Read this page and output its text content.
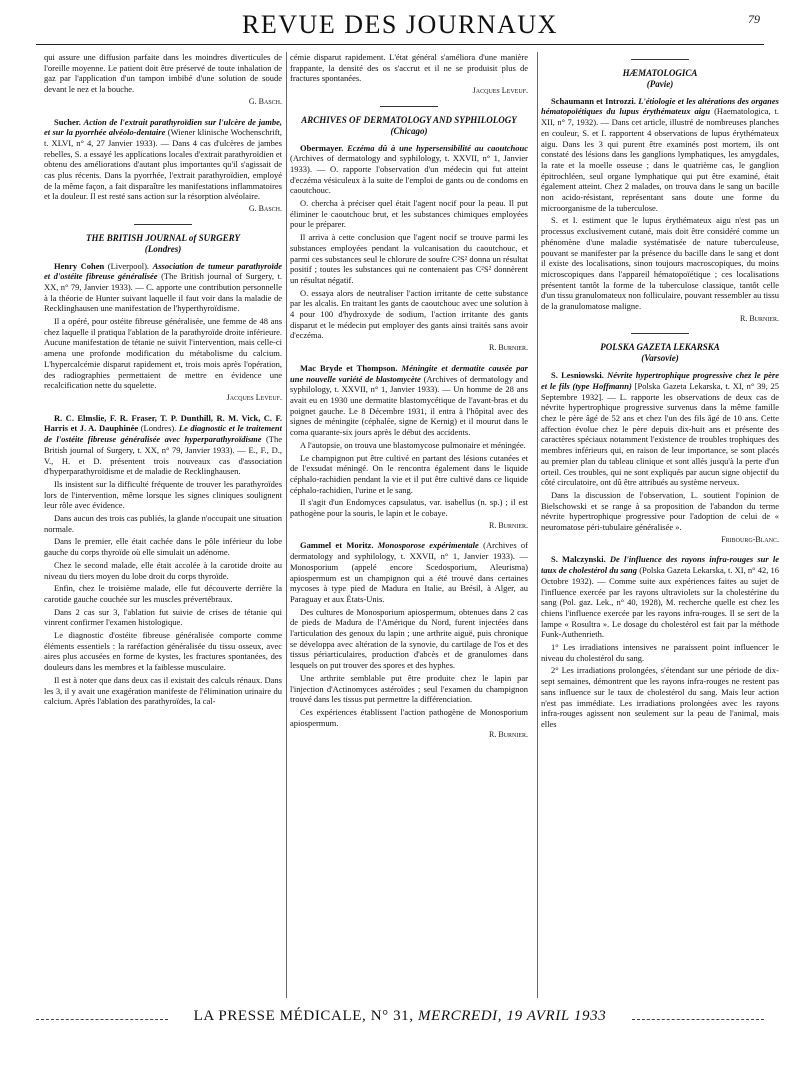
REVUE DES JOURNAUX	79

qui assure une diffusion parfaite dans les moindres diverticules de l'oreille moyenne. Le patient doit être préservé de toute inhalation de gaz par l'application d'un tampon imbibé d'une solution de soude devant le nez et la bouche.

G. Basch.

Sucher. Action de l'extrait parathyroïdien sur l'ulcère de jambe, et sur la pyorrhée alvéolo-dentaire (Wiener klinische Wochenschrift, t. XLVI, n° 4, 27 Janvier 1933). — Dans 4 cas d'ulcères de jambes rebelles, S. a essayé les applications locales d'extrait parathyroïdien et obtenu des améliorations d'autant plus importantes qu'il s'agissait de cas plus récents. Dans la pyorrhée, l'extrait parathyroïdien, employé de la même façon, a fait disparaître les manifestations inflammatoires et la douleur. Il est resté sans action sur la résorption alvéolaire.

G. Basch.

THE BRITISH JOURNAL of SURGERY

(Londres)

Henry Cohen (Liverpool). Association de tumeur parathyroïde et d'ostéite fibreuse généralisée (The British journal of Surgery, t. XX, n° 79, Janvier 1933). — C. apporte une contribution personnelle à la théorie de Hunter suivant laquelle il faut voir dans la maladie de Recklinghausen une manifestation de l'hyperthyroïdisme.

Il a opéré, pour ostéite fibreuse généralisée, une femme de 48 ans chez laquelle il pratiqua l'ablation de la parathyroïde droite inférieure. Aucune manifestation de tétanie ne suivit l'intervention, mais celle-ci amena une profonde modification du métabolisme du calcium. L'hypercalcémie disparut rapidement et, trois mois après l'opération, des radiographies permettaient de mettre en évidence une recalcification nette du squelette.

Jacques Leveuf.

R. C. Elmslie, F. R. Fraser, T. P. Dunthill, R. M. Vick, C. F. Harris et J. A. Dauphinée (Londres). Le diagnostic et le traitement de l'ostéite fibreuse généralisée avec hyperparathyroïdisme (The British journal of Surgery, t. XX, n° 79, Janvier 1933). — E., F., D., V., H. et D. présentent trois nouveaux cas d'association d'hyperparathyroïdisme et de maladie de Recklinghausen.

Ils insistent sur la difficulté fréquente de trouver les parathyroïdes lors de l'intervention, même lorsque les signes cliniques soulignent leur rôle avec évidence.

Dans aucun des trois cas publiés, la glande n'occupait une situation normale.

Dans le premier, elle était cachée dans le pôle inférieur du lobe gauche du corps thyroïde où elle simulait un adénome.

Chez le second malade, elle était accolée à la carotide droite au niveau du tiers moyen du lobe droit du corps thyroïde.

Enfin, chez le troisième malade, elle fut découverte derrière la carotide gauche couchée sur les muscles prévertébraux.

Dans 2 cas sur 3, l'ablation fut suivie de crises de tétanie qui vinrent confirmer l'examen histologique.

Le diagnostic d'ostéite fibreuse généralisée comporte comme éléments essentiels : la raréfaction généralisée du tissu osseux, avec aires plus accusées en forme de kystes, les fractures spontanées, des douleurs dans les membres et la faiblesse musculaire.

Il est à noter que dans deux cas il existait des calculs rénaux. Dans les 3, il y avait une exagération manifeste de l'élimination urinaire du calcium. Après l'ablation des parathyroïdes, la cal-

cémie disparut rapidement. L'état général s'améliora d'une manière frappante, la densité des os s'accrut et il ne se produisit plus de fractures spontanées.

Jacques Leveuf.

ARCHIVES OF DERMATOLOGY AND SYPHILOLOGY

(Chicago)

Obermayer. Eczéma dû à une hypersensibilité au caoutchouc (Archives of dermatology and syphilology, t. XXVII, n° 1, Janvier 1933). — O. rapporte l'observation d'un médecin qui fut atteint d'eczéma vésiculeux à la suite de l'emploi de gants ou de condoms en caoutchouc.

O. chercha à préciser quel était l'agent nocif pour la peau. Il put éliminer le caoutchouc brut, et les substances chimiques employées pour le préparer.

Il arriva à cette conclusion que l'agent nocif se trouve parmi les substances employées pendant la vulcanisation du caoutchouc, et parmi ces substances seul le chlorure de soufre C²S² donna un résultat positif ; toutes les substances qui ne contenaient pas C²S² donnèrent un résultat négatif.

O. essaya alors de neutraliser l'action irritante de cette substance par les alcalis. En traitant les gants de caoutchouc avec une solution à 4 pour 100 d'hydroxyde de sodium, l'action irritante des gants disparut et le médecin put employer des gants ainsi traités sans avoir d'eczéma.

R. Burnier.

Mac Bryde et Thompson. Méningite et dermatite causée par une nouvelle variété de blastomycète (Archives of dermatology and syphilology, t. XXVII, n° 1, Janvier 1933). — Un homme de 28 ans avait eu en 1930 une dermatite blastomycétique de l'avant-bras et du poignet gauche. Le 8 Décembre 1931, il entra à l'hôpital avec des signes de méningite (céphalée, signe de Kernig) et il mourut dans le coma quarante-six jours après le début des accidents.

A l'autopsie, on trouva une blastomycose pulmonaire et méningée.

Le champignon put être cultivé en partant des lésions cutanées et de l'exsudat méningé. On le rencontra également dans le liquide céphalo-rachidien pendant la vie et il put être cultivé dans ce liquide céphalo-rachidien, l'urine et le sang.

Il s'agit d'un Endomyces capsulatus, var. isabellus (n. sp.) ; il est pathogène pour la souris, le lapin et le cobaye.

R. Burnier.

Gammel et Moritz. Monosporose expérimentale (Archives of dermatology and syphilology, t. XXVII, n° 1, Janvier 1933). — Monosporium (appelé encore Scedosporium, Aleurisma) apiospermum est un champignon qui a été trouvé dans certaines mycoses à type pied de Madura en Italie, au Brésil, à Alger, au Paraguay et aux États-Unis.

Des cultures de Monosporium apiospermum, obtenues dans 2 cas de pieds de Madura de l'Amérique du Nord, furent injectées dans l'articulation des genoux du lapin ; une arthrite aiguë, puis chronique se développa avec altération de la synovie, du cartilage de l'os et des tissus périarticulaires, production d'abcès et de granulomes dans lesquels on put trouver des spores et des hyphes.

Une arthrite semblable put être produite chez le lapin par l'injection d'Actinomyces astéroïdes ; seul l'examen du champignon trouvé dans les tissus put permettre la différenciation.

Ces expériences établissent l'action pathogène de Monosporium apiospermum.

R. Burnier.

HÆMATOLOGICA

(Pavie)

Schaumann et Introzzi. L'étiologie et les altérations des organes hématopoïétiques du lupus érythémateux aigu (Haematologica, t. XII, n° 7, 1932). — Dans cet article, illustré de nombreuses planches en couleur, S. et I. rapportent 4 observations de lupus érythémateux aigu. Dans les 3 qui purent être examinés post mortem, ils ont constaté des lésions dans les ganglions lymphatiques, les amygdales, la rate et la moelle osseuse ; dans le quatrième cas, le ganglion épitrochléen, seul organe lymphatique qui put être examiné, était également atteint. Chez 2 malades, on trouva dans le sang un bacille non acido-résistant, représentant sans doute une forme du microorganisme de la tuberculose.

S. et I. estiment que le lupus érythémateux aigu n'est pas un processus exclusivement cutané, mais doit être considéré comme un phénomène d'une maladie systématisée de nature tuberculeuse, pouvant se manifester par la présence du bacille dans le sang et dont il existe des localisations, sinon toujours macroscopiques, du moins microscopiques dans l'appareil hématopoïétique ; ces localisations présentent tantôt la forme de la tuberculose classique, tantôt celle d'un tissu granulomateux non folliculaire, pouvant ressembler au tissu de la granulomatose maligne.

R. Burnier.

POLSKA GAZETA LEKARSKA

(Varsovie)

S. Lesniowski. Névrite hypertrophique progressive chez le père et le fils (type Hoffmann) [Polska Gazeta Lekarska, t. XI, n° 39, 25 Septembre 1932]. — L. rapporte les observations de deux cas de névrite hypertrophique progressive survenus dans la même famille chez le père âgé de 52 ans et chez l'un des fils âgé de 10 ans. Cette affection évolue chez le père depuis dix-huit ans et présente des caractères spéciaux notamment l'existence de troubles trophiques des membres inférieurs qui, en raison de leur importance, se sont placés au premier plan du tableau clinique et sont allés jusqu'à la perte d'un orteil. Ces troubles, qui ne sont expliqués par aucun signe objectif du côté circulatoire, ont dû être attribués au système nerveux.

Dans la discussion de l'observation, L. soutient l'opinion de Bielschowski et se range à sa proposition de l'abandon du terme névrite hypertrophique progressive pour l'adoption de celui de « neuromatose péri-tubulaire généralisée ».

Fribourg-Blanc.

S. Malczynski. De l'influence des rayons infra-rouges sur le taux de cholestérol du sang (Polska Gazeta Lekarska, t. XI, n° 42, 16 Octobre 1932). — Comme suite aux expériences faites au sujet de l'influence exercée par les rayons ultraviolets sur la cholestérine du sang (Pol. gaz. Lek., n° 40, 1928), M. recherche quelle est chez les chiens l'influence exercée par les rayons infra-rouges. Il se sert de la lampe « Rosultra ». Le dosage du cholestérol est fait par la méthode Funk-Authenrieth.

1° Les irradiations intensives ne paraissent point influencer le niveau du cholestérol du sang.

2° Les irradiations prolongées, s'étendant sur une période de dix-sept semaines, démontrent que les rayons infra-rouges ne restent pas sans influence sur le taux de cholestérol du sang. Mais leur action n'est pas immédiate. Les irradiations prolongées avec les rayons infra-rouges agissent non seulement sur la peau de l'animal, mais elles

LA PRESSE MÉDICALE, N° 31, MERCREDI, 19 AVRIL 1933
